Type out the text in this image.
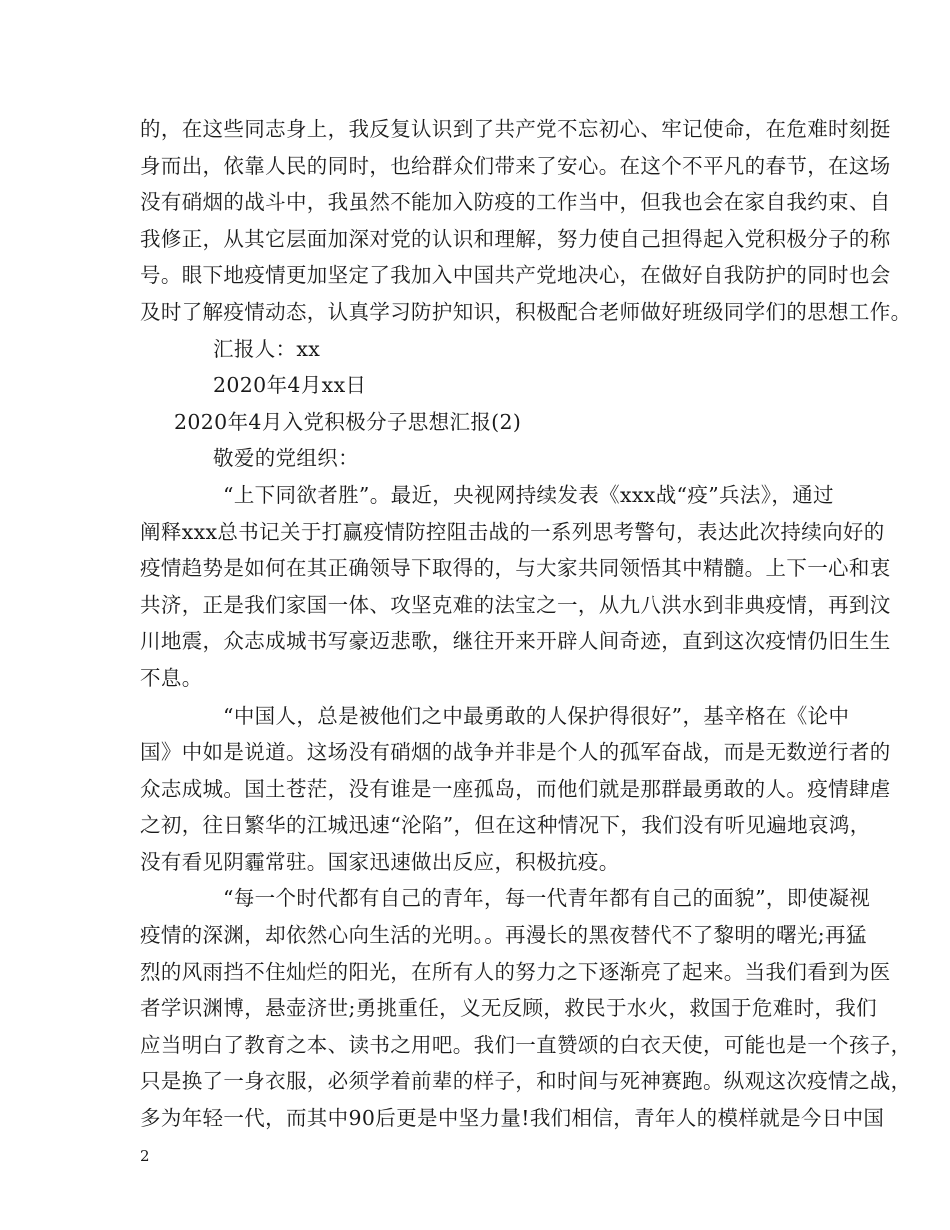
的，在这些同志身上，我反复认识到了共产党不忘初心、牢记使命，在危难时刻挺
身而出，依靠人民的同时，也给群众们带来了安心。在这个不平凡的春节，在这场
没有硝烟的战斗中，我虽然不能加入防疫的工作当中，但我也会在家自我约束、自
我修正，从其它层面加深对党的认识和理解，努力使自己担得起入党积极分子的称
号。眼下地疫情更加坚定了我加入中国共产党地决心，在做好自我防护的同时也会
及时了解疫情动态，认真学习防护知识，积极配合老师做好班级同学们的思想工作。
汇报人：xx
2020年4月xx日
2020年4月入党积极分子思想汇报(2)
敬爱的党组织：
“上下同欲者胜”。最近，央视网持续发表《xxx战“疫”兵法》，通过
阐释xxx总书记关于打赢疫情防控阻击战的一系列思考警句，表达此次持续向好的
疫情趋势是如何在其正确领导下取得的，与大家共同领悟其中精髓。上下一心和衷
共济，正是我们家国一体、攻坚克难的法宝之一，从九八洪水到非典疫情，再到汶
川地震，众志成城书写豪迈悲歌，继往开来开辟人间奇迹，直到这次疫情仍旧生生
不息。
“中国人，总是被他们之中最勇敢的人保护得很好”，基辛格在《论中
国》中如是说道。这场没有硝烟的战争并非是个人的孤军奋战，而是无数逆行者的
众志成城。国土苍茫，没有谁是一座孤岛，而他们就是那群最勇敢的人。疫情肆虐
之初，往日繁华的江城迅速“沦陷”，但在这种情况下，我们没有听见遍地哀鸿，
没有看见阴霾常驻。国家迅速做出反应，积极抗疫。
“每一个时代都有自己的青年，每一代青年都有自己的面貌”，即使凝视
疫情的深渊，却依然心向生活的光明。。再漫长的黑夜替代不了黎明的曙光;再猛
烈的风雨挡不住灿烂的阳光，在所有人的努力之下逐渐亮了起来。当我们看到为医
者学识渊博，悬壶济世;勇挑重任，义无反顾，救民于水火，救国于危难时，我们
应当明白了教育之本、读书之用吧。我们一直赞颂的白衣天使，可能也是一个孩子，
只是换了一身衣服，必须学着前辈的样子，和时间与死神赛跑。纵观这次疫情之战，
多为年轻一代，而其中90后更是中坚力量!我们相信，青年人的模样就是今日中国
2
